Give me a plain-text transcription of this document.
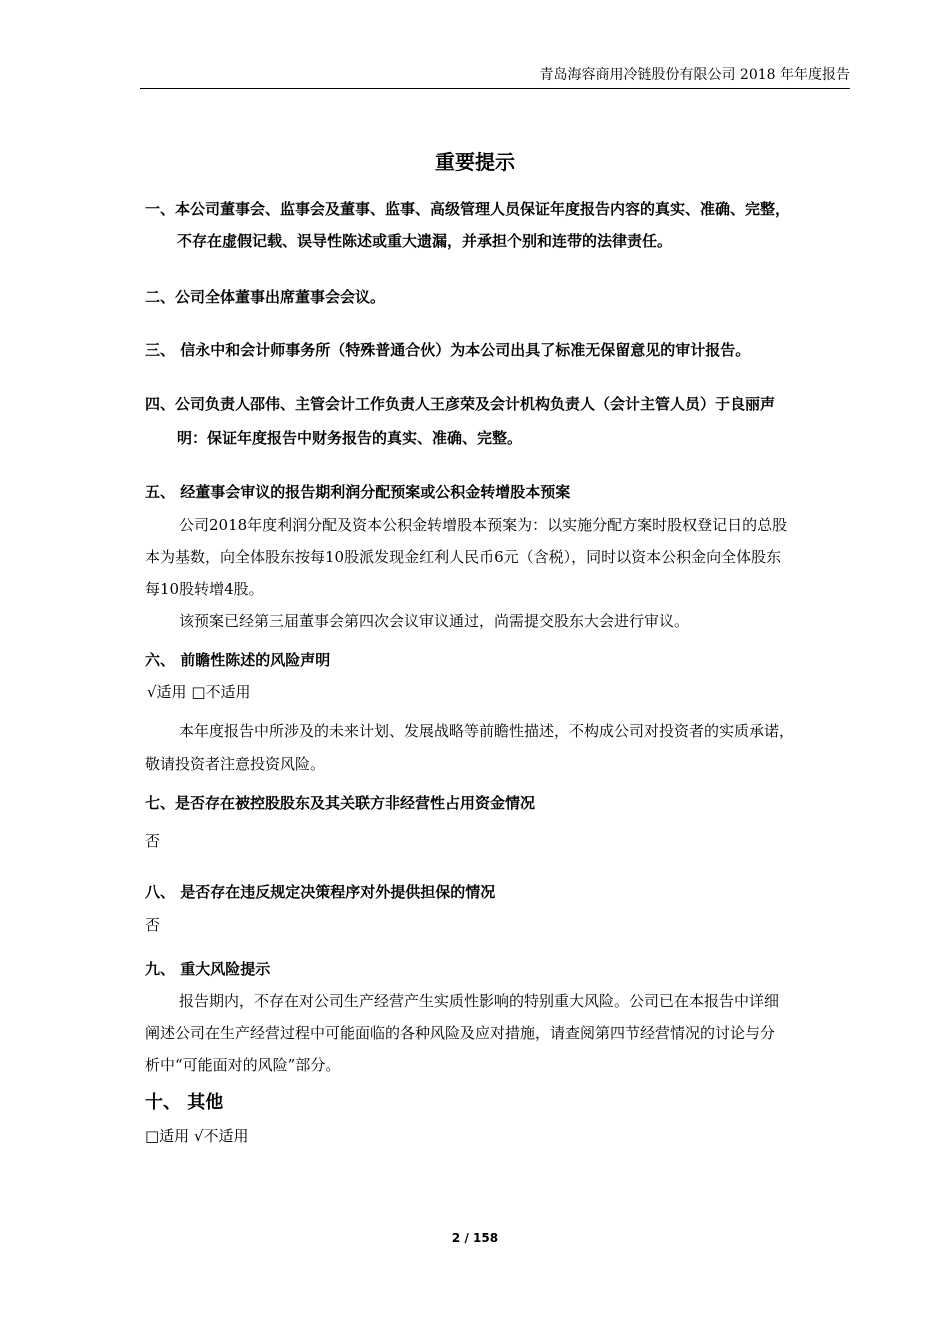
青岛海容商用冷链股份有限公司 2018 年年度报告
重要提示
一、本公司董事会、监事会及董事、监事、高级管理人员保证年度报告内容的真实、准确、完整，
不存在虚假记载、误导性陈述或重大遗漏，并承担个别和连带的法律责任。
二、公司全体董事出席董事会会议。
三、 信永中和会计师事务所（特殊普通合伙）为本公司出具了标准无保留意见的审计报告。
四、公司负责人邵伟、主管会计工作负责人王彦荣及会计机构负责人（会计主管人员）于良丽声
明：保证年度报告中财务报告的真实、准确、完整。
五、 经董事会审议的报告期利润分配预案或公积金转增股本预案
公司2018年度利润分配及资本公积金转增股本预案为：以实施分配方案时股权登记日的总股
本为基数，向全体股东按每10股派发现金红利人民币6元（含税），同时以资本公积金向全体股东
每10股转增4股。
该预案已经第三届董事会第四次会议审议通过，尚需提交股东大会进行审议。
六、 前瞻性陈述的风险声明
√适用 □不适用
本年度报告中所涉及的未来计划、发展战略等前瞻性描述，不构成公司对投资者的实质承诺，
敬请投资者注意投资风险。
七、是否存在被控股股东及其关联方非经营性占用资金情况
否
八、 是否存在违反规定决策程序对外提供担保的情况
否
九、 重大风险提示
报告期内，不存在对公司生产经营产生实质性影响的特别重大风险。公司已在本报告中详细
阐述公司在生产经营过程中可能面临的各种风险及应对措施，请查阅第四节经营情况的讨论与分
析中“可能面对的风险”部分。
十、 其他
□适用 √不适用
2 / 158
